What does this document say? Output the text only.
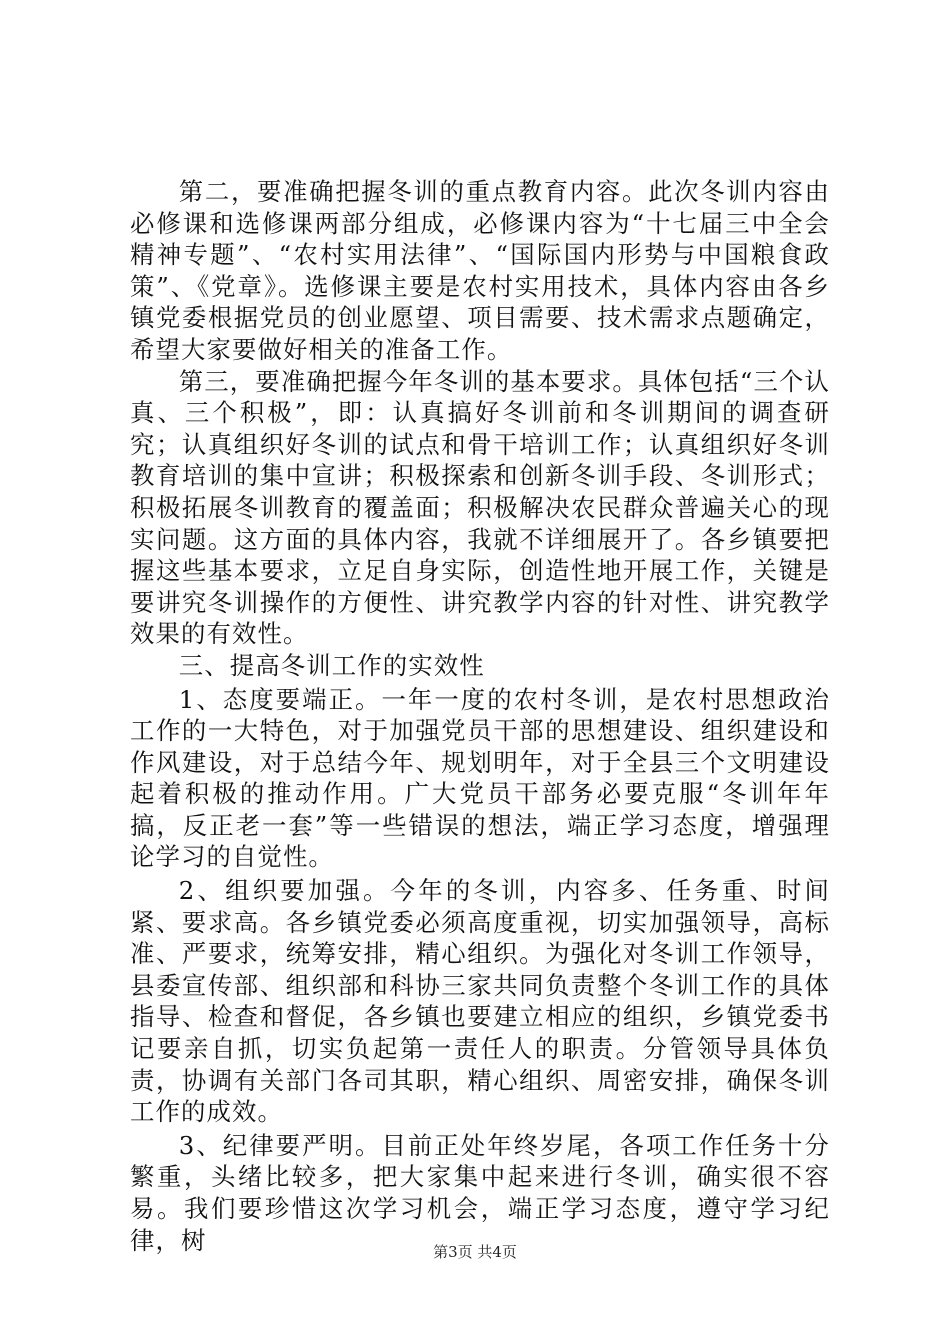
第二，要准确把握冬训的重点教育内容。此次冬训内容由必修课和选修课两部分组成，必修课内容为“十七届三中全会精神专题”、“农村实用法律”、“国际国内形势与中国粮食政策”、《党章》。选修课主要是农村实用技术，具体内容由各乡镇党委根据党员的创业愿望、项目需要、技术需求点题确定，希望大家要做好相关的准备工作。

第三，要准确把握今年冬训的基本要求。具体包括“三个认真、三个积极”，即：认真搞好冬训前和冬训期间的调查研究；认真组织好冬训的试点和骨干培训工作；认真组织好冬训教育培训的集中宣讲；积极探索和创新冬训手段、冬训形式；积极拓展冬训教育的覆盖面；积极解决农民群众普遍关心的现实问题。这方面的具体内容，我就不详细展开了。各乡镇要把握这些基本要求，立足自身实际，创造性地开展工作，关键是要讲究冬训操作的方便性、讲究教学内容的针对性、讲究教学效果的有效性。

三、提高冬训工作的实效性

1、态度要端正。一年一度的农村冬训，是农村思想政治工作的一大特色，对于加强党员干部的思想建设、组织建设和作风建设，对于总结今年、规划明年，对于全县三个文明建设起着积极的推动作用。广大党员干部务必要克服“冬训年年搞，反正老一套”等一些错误的想法，端正学习态度，增强理论学习的自觉性。

2、组织要加强。今年的冬训，内容多、任务重、时间紧、要求高。各乡镇党委必须高度重视，切实加强领导，高标准、严要求，统筹安排，精心组织。为强化对冬训工作领导，县委宣传部、组织部和科协三家共同负责整个冬训工作的具体指导、检查和督促，各乡镇也要建立相应的组织，乡镇党委书记要亲自抓，切实负起第一责任人的职责。分管领导具体负责，协调有关部门各司其职，精心组织、周密安排，确保冬训工作的成效。

3、纪律要严明。目前正处年终岁尾，各项工作任务十分繁重，头绪比较多，把大家集中起来进行冬训，确实很不容易。我们要珍惜这次学习机会，端正学习态度，遵守学习纪律，树	第3页 共4页
